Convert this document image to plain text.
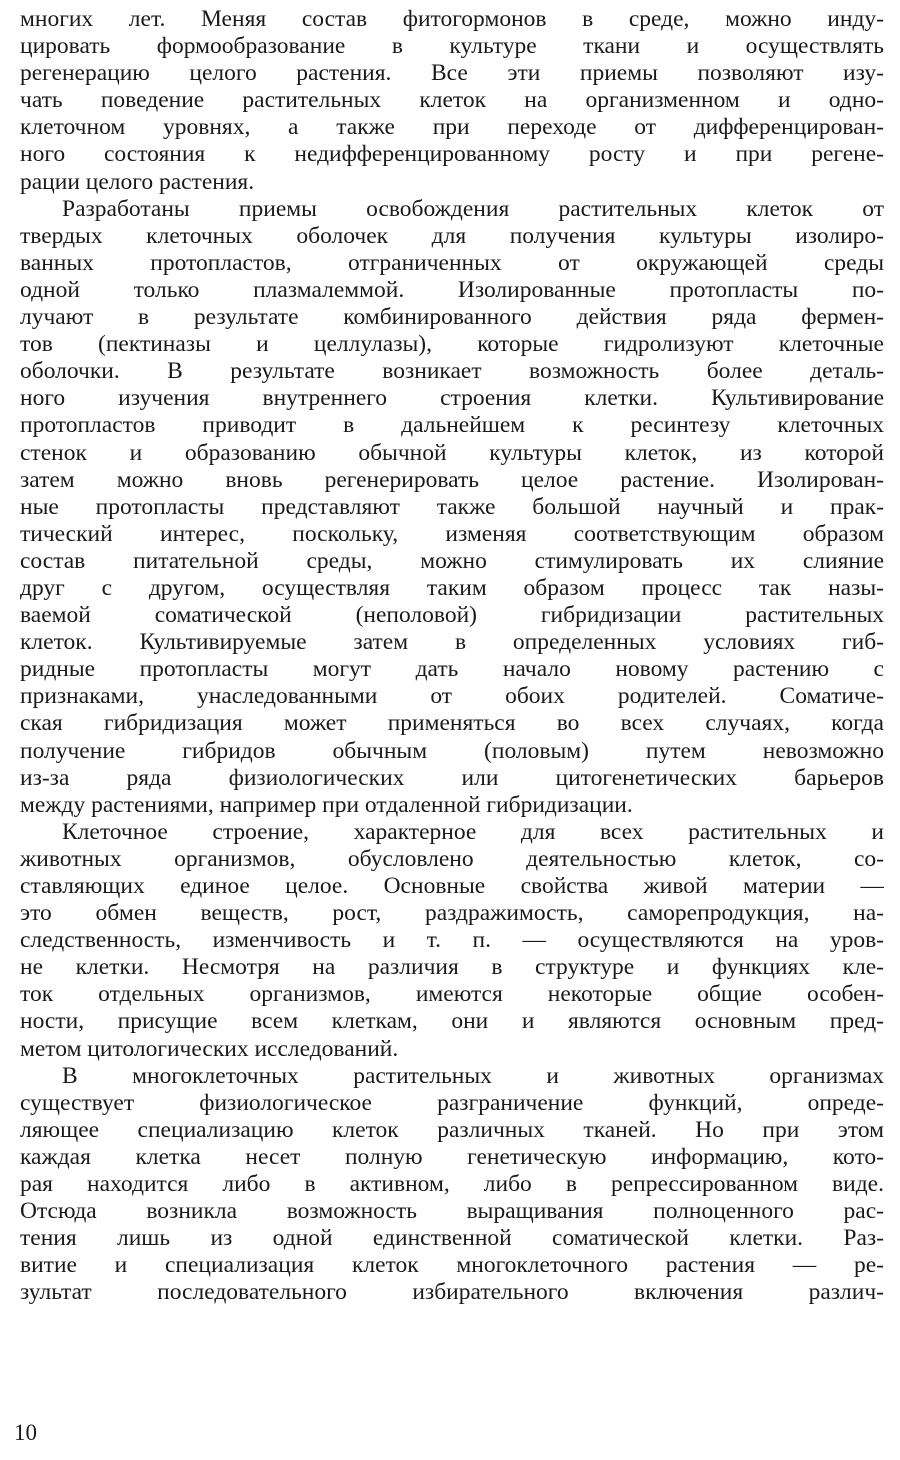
многих лет. Меняя состав фитогормонов в среде, можно инду-
цировать формообразование в культуре ткани и осуществлять
регенерацию целого растения. Все эти приемы позволяют изу-
чать поведение растительных клеток на организменном и одно-
клеточном уровнях, а также при переходе от дифференцирован-
ного состояния к недифференцированному росту и при регене-
рации целого растения.
Разработаны приемы освобождения растительных клеток от
твердых клеточных оболочек для получения культуры изолиро-
ванных протопластов, отграниченных от окружающей среды
одной только плазмалеммой. Изолированные протопласты по-
лучают в результате комбинированного действия ряда фермен-
тов (пектиназы и целлулазы), которые гидролизуют клеточные
оболочки. В результате возникает возможность более деталь-
ного изучения внутреннего строения клетки. Культивирование
протопластов приводит в дальнейшем к ресинтезу клеточных
стенок и образованию обычной культуры клеток, из которой
затем можно вновь регенерировать целое растение. Изолирован-
ные протопласты представляют также большой научный и прак-
тический интерес, поскольку, изменяя соответствующим образом
состав питательной среды, можно стимулировать их слияние
друг с другом, осуществляя таким образом процесс так назы-
ваемой соматической (неполовой) гибридизации растительных
клеток. Культивируемые затем в определенных условиях гиб-
ридные протопласты могут дать начало новому растению с
признаками, унаследованными от обоих родителей. Соматиче-
ская гибридизация может применяться во всех случаях, когда
получение гибридов обычным (половым) путем невозможно
из-за ряда физиологических или цитогенетических барьеров
между растениями, например при отдаленной гибридизации.
Клеточное строение, характерное для всех растительных и
животных организмов, обусловлено деятельностью клеток, со-
ставляющих единое целое. Основные свойства живой материи —
это обмен веществ, рост, раздражимость, саморепродукция, на-
следственность, изменчивость и т. п. — осуществляются на уров-
не клетки. Несмотря на различия в структуре и функциях кле-
ток отдельных организмов, имеются некоторые общие особен-
ности, присущие всем клеткам, они и являются основным пред-
метом цитологических исследований.
В многоклеточных растительных и животных организмах
существует физиологическое разграничение функций, опреде-
ляющее специализацию клеток различных тканей. Но при этом
каждая клетка несет полную генетическую информацию, кото-
рая находится либо в активном, либо в репрессированном виде.
Отсюда возникла возможность выращивания полноценного рас-
тения лишь из одной единственной соматической клетки. Раз-
витие и специализация клеток многоклеточного растения — ре-
зультат последовательного избирательного включения различ-
10
